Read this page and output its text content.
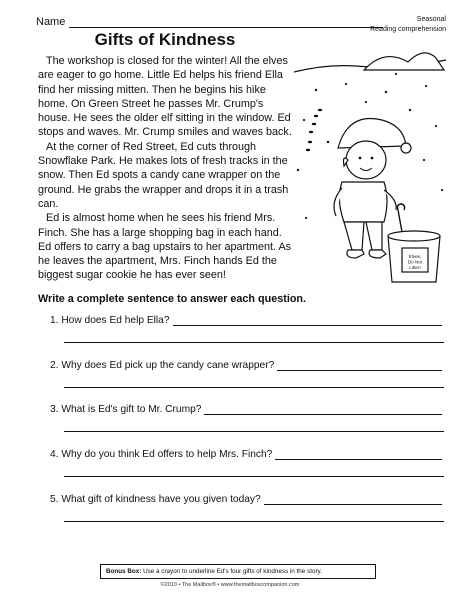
Name	Seasonal
Reading comprehension
Gifts of Kindness

The workshop is closed for the winter! All the elves are eager to go home. Little Ed helps his friend Ella find her missing mitten. Then he begins his hike home. On Green Street he passes Mr. Crump's house. He sees the older elf sitting in the window. Ed stops and waves. Mr. Crump smiles and waves back.

At the corner of Red Street, Ed cuts through Snowflake Park. He makes lots of fresh tracks in the snow. Then Ed spots a candy cane wrapper on the ground. He grabs the wrapper and drops it in a trash can.

Ed is almost home when he sees his friend Mrs. Finch. She has a large shopping bag in each hand. Ed offers to carry a bag upstairs to her apartment. As he leaves the apartment, Mrs. Finch hands Ed the biggest sugar cookie he has ever seen!

Elves, Do Not Litter!
Write a complete sentence to answer each question.
1. How does Ed help Ella?
2. Why does Ed pick up the candy cane wrapper?
3. What is Ed's gift to Mr. Crump?
4. Why do you think Ed offers to help Mrs. Finch?
5. What gift of kindness have you given today?
Bonus Box: Use a crayon to underline Ed's four gifts of kindness in the story.
©2010 • The Mailbox® • www.themailboxcompanion.com
